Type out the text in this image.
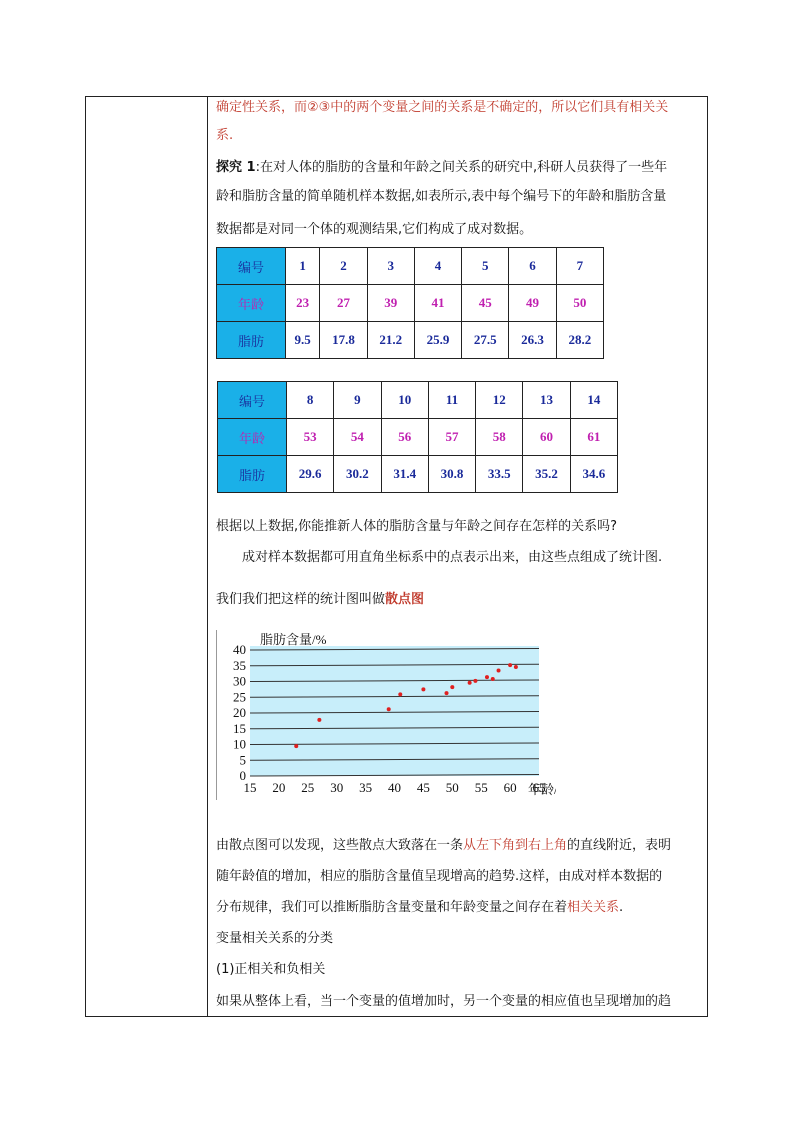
确定性关系，而②③中的两个变量之间的关系是不确定的，所以它们具有相关关
系.
探究 1:在对人体的脂肪的含量和年龄之间关系的研究中,科研人员获得了一些年
龄和脂肪含量的简单随机样本数据,如表所示,表中每个编号下的年龄和脂肪含量
数据都是对同一个体的观测结果,它们构成了成对数据。
编号	1	2	3	4	5	6	7
年龄	23	27	39	41	45	49	50
脂肪	9.5	17.8	21.2	25.9	27.5	26.3	28.2
编号	8	9	10	11	12	13	14
年龄	53	54	56	57	58	60	61
脂肪	29.6	30.2	31.4	30.8	33.5	35.2	34.6
根据以上数据,你能推新人体的脂肪含量与年龄之间存在怎样的关系吗?
成对样本数据都可用直角坐标系中的点表示出来，由这些点组成了统计图.
我们我们把这样的统计图叫做散点图
0
5
10
15
20
25
30
35
40
15 20 25 30 35 40 45 50 55 60 65
脂肪含量/%
年龄
由散点图可以发现，这些散点大致落在一条从左下角到右上角的直线附近，表明
随年龄值的增加，相应的脂肪含量值呈现增高的趋势.这样，由成对样本数据的
分布规律，我们可以推断脂肪含量变量和年龄变量之间存在着相关关系.
变量相关关系的分类
(1)正相关和负相关
如果从整体上看，当一个变量的值增加时，另一个变量的相应值也呈现增加的趋
